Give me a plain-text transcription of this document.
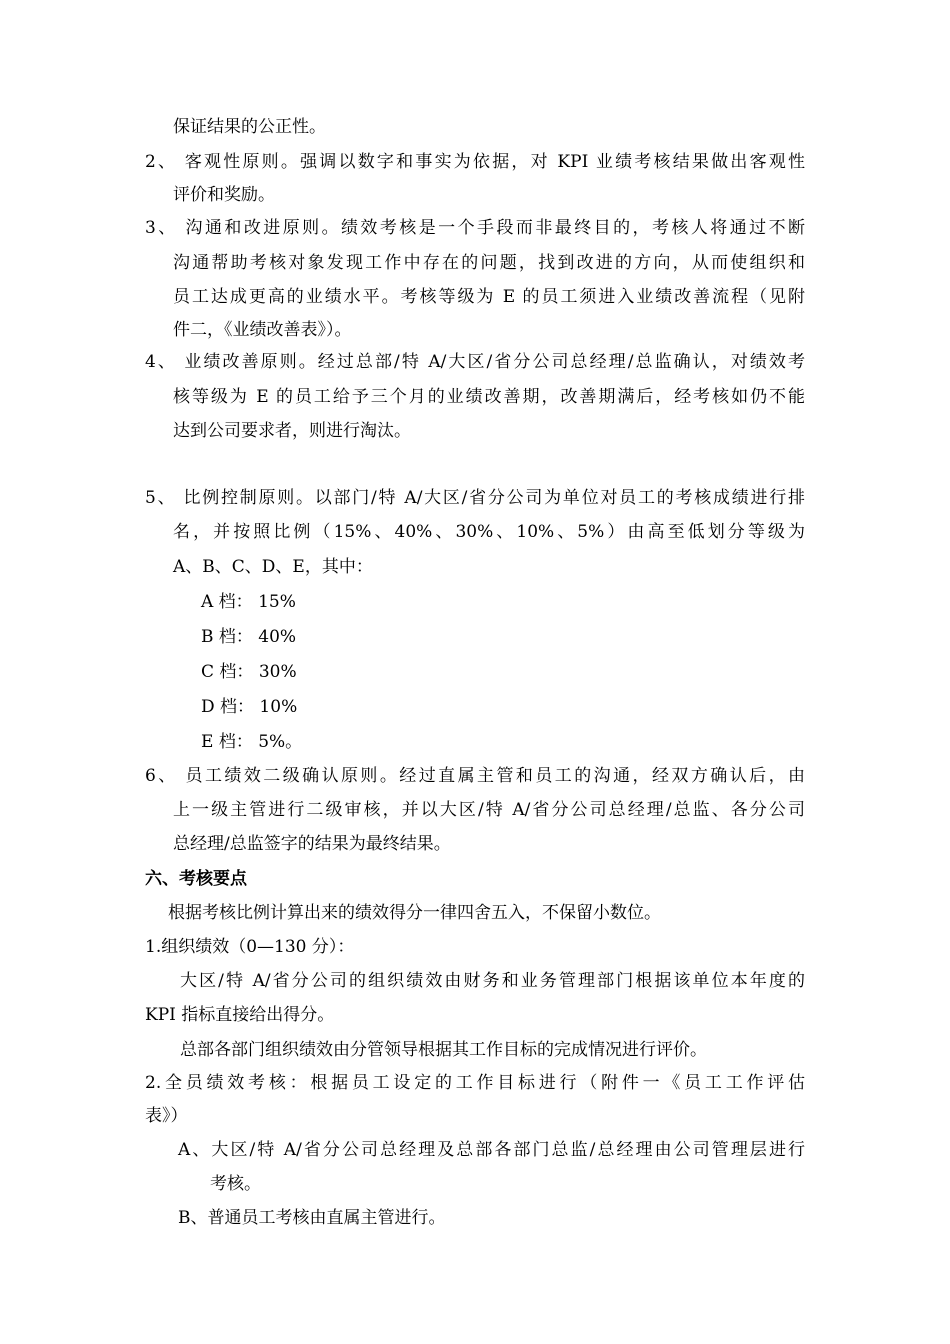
保证结果的公正性。
2、 客观性原则。强调以数字和事实为依据，对 KPI 业绩考核结果做出客观性
评价和奖励。
3、 沟通和改进原则。绩效考核是一个手段而非最终目的，考核人将通过不断
沟通帮助考核对象发现工作中存在的问题，找到改进的方向，从而使组织和
员工达成更高的业绩水平。考核等级为 E 的员工须进入业绩改善流程（见附
件二，《业绩改善表》）。
4、 业绩改善原则。经过总部/特 A/大区/省分公司总经理/总监确认，对绩效考
核等级为 E 的员工给予三个月的业绩改善期，改善期满后，经考核如仍不能
达到公司要求者，则进行淘汰。
5、 比例控制原则。以部门/特 A/大区/省分公司为单位对员工的考核成绩进行排
名，并按照比例（15%、40%、30%、10%、5%）由高至低划分等级为
A、B、C、D、E，其中：
A 档： 15%
B 档： 40%
C 档： 30%
D 档： 10%
E 档： 5%。
6、 员工绩效二级确认原则。经过直属主管和员工的沟通，经双方确认后，由
上一级主管进行二级审核，并以大区/特 A/省分公司总经理/总监、各分公司
总经理/总监签字的结果为最终结果。
六、考核要点
根据考核比例计算出来的绩效得分一律四舍五入，不保留小数位。
1.组织绩效（0—130 分）：
大区/特 A/省分公司的组织绩效由财务和业务管理部门根据该单位本年度的
KPI 指标直接给出得分。
总部各部门组织绩效由分管领导根据其工作目标的完成情况进行评价。
2.全员绩效考核：根据员工设定的工作目标进行（附件一《员工工作评估
表》）
A、大区/特 A/省分公司总经理及总部各部门总监/总经理由公司管理层进行
考核。
B、普通员工考核由直属主管进行。
